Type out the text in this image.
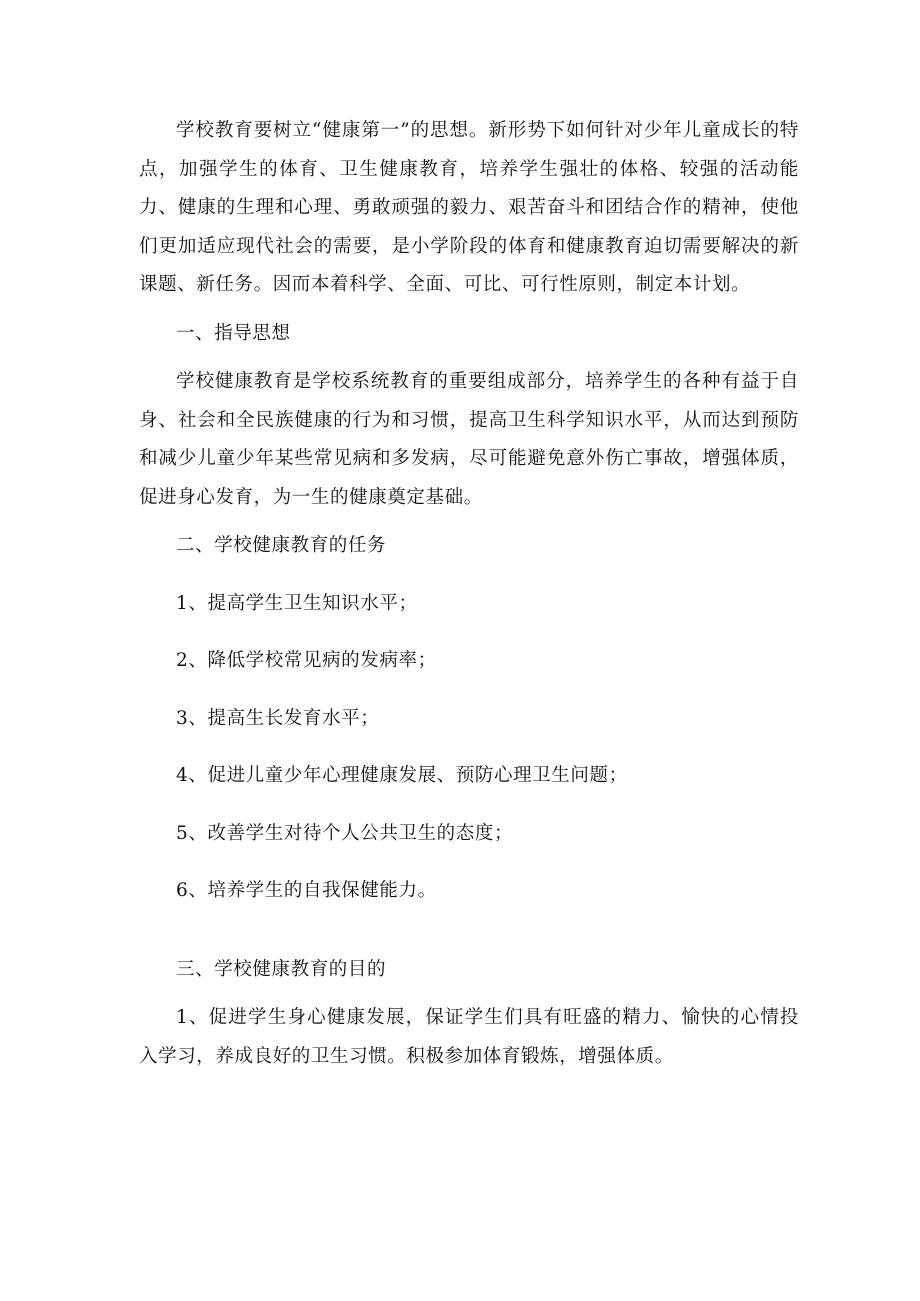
学校教育要树立“健康第一”的思想。新形势下如何针对少年儿童成长的特点，加强学生的体育、卫生健康教育，培养学生强壮的体格、较强的活动能力、健康的生理和心理、勇敢顽强的毅力、艰苦奋斗和团结合作的精神，使他们更加适应现代社会的需要，是小学阶段的体育和健康教育迫切需要解决的新课题、新任务。因而本着科学、全面、可比、可行性原则，制定本计划。

一、指导思想

学校健康教育是学校系统教育的重要组成部分，培养学生的各种有益于自身、社会和全民族健康的行为和习惯，提高卫生科学知识水平，从而达到预防和减少儿童少年某些常见病和多发病，尽可能避免意外伤亡事故，增强体质，促进身心发育，为一生的健康奠定基础。

二、学校健康教育的任务

1、提高学生卫生知识水平；

2、降低学校常见病的发病率；

3、提高生长发育水平；

4、促进儿童少年心理健康发展、预防心理卫生问题；

5、改善学生对待个人公共卫生的态度；

6、培养学生的自我保健能力。

三、学校健康教育的目的

1、促进学生身心健康发展，保证学生们具有旺盛的精力、愉快的心情投入学习，养成良好的卫生习惯。积极参加体育锻炼，增强体质。
